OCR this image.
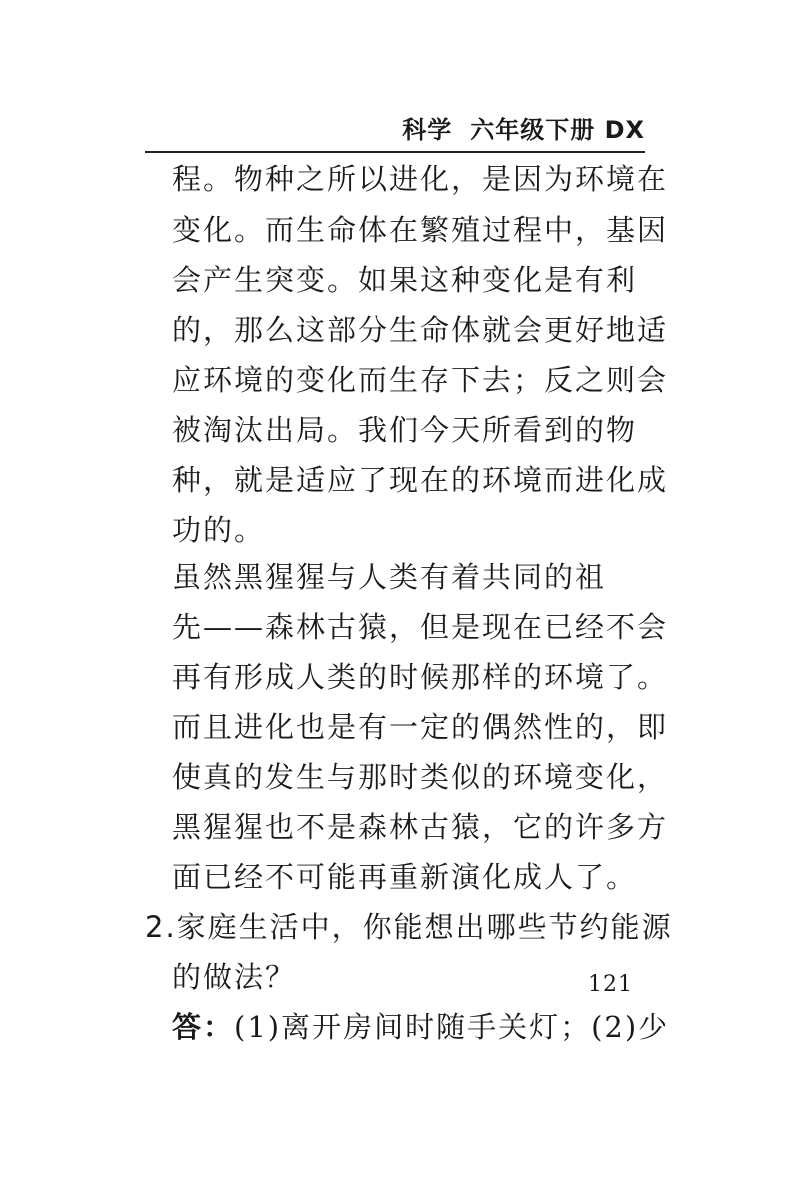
科学 六年级下册 DX
程。物种之所以进化，是因为环境在
变化。而生命体在繁殖过程中，基因
会产生突变。如果这种变化是有利
的，那么这部分生命体就会更好地适
应环境的变化而生存下去；反之则会
被淘汰出局。我们今天所看到的物
种，就是适应了现在的环境而进化成
功的。
虽然黑猩猩与人类有着共同的祖
先——森林古猿，但是现在已经不会
再有形成人类的时候那样的环境了。
而且进化也是有一定的偶然性的，即
使真的发生与那时类似的环境变化，
黑猩猩也不是森林古猿，它的许多方
面已经不可能再重新演化成人了。
2.家庭生活中，你能想出哪些节约能源
的做法？
答：(1)离开房间时随手关灯；(2)少
121
